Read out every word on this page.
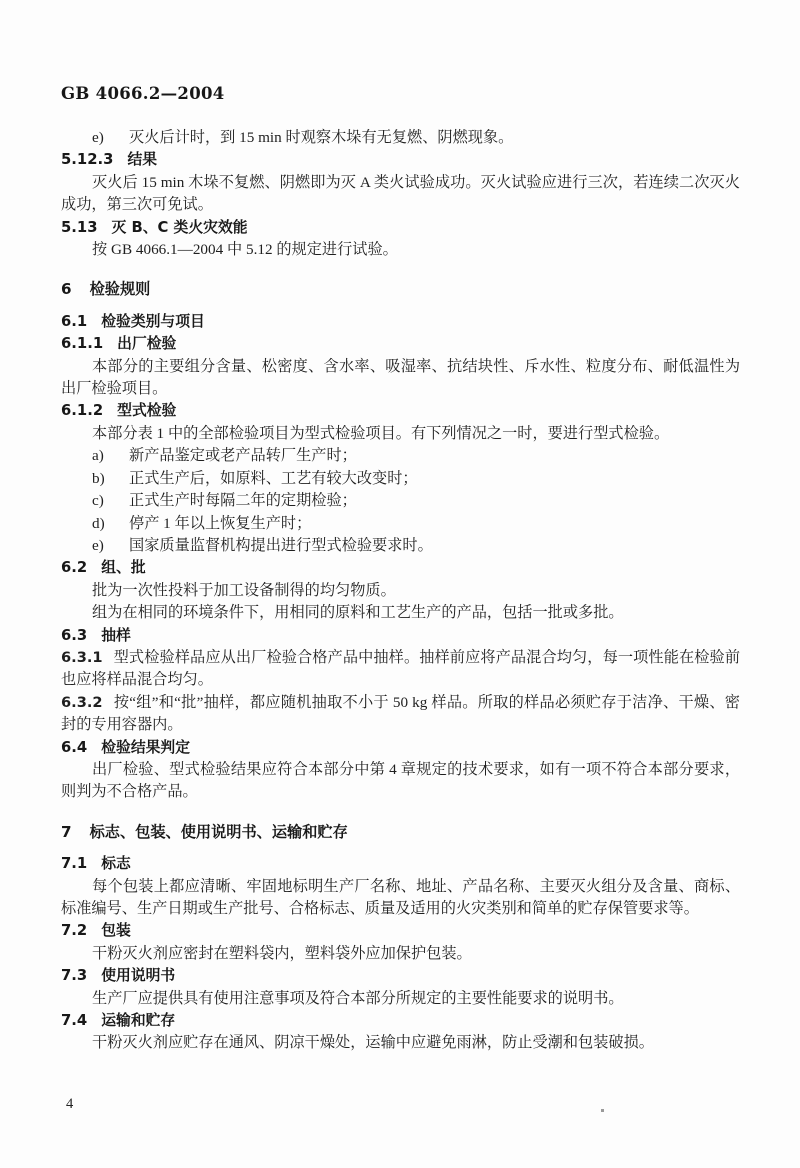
GB 4066.2—2004
e) 灭火后计时，到 15 min 时观察木垛有无复燃、阴燃现象。
5.12.3 结果

灭火后 15 min 木垛不复燃、阴燃即为灭 A 类火试验成功。灭火试验应进行三次，若连续二次灭火成功，第三次可免试。

5.13 灭 B、C 类火灾效能

按 GB 4066.1—2004 中 5.12 的规定进行试验。

6 检验规则
6.1 检验类别与项目
6.1.1 出厂检验

本部分的主要组分含量、松密度、含水率、吸湿率、抗结块性、斥水性、粒度分布、耐低温性为出厂检验项目。

6.1.2 型式检验

本部分表 1 中的全部检验项目为型式检验项目。有下列情况之一时，要进行型式检验。

a) 新产品鉴定或老产品转厂生产时；
b) 正式生产后，如原料、工艺有较大改变时；
c) 正式生产时每隔二年的定期检验；
d) 停产 1 年以上恢复生产时；
e) 国家质量监督机构提出进行型式检验要求时。
6.2 组、批

批为一次性投料于加工设备制得的均匀物质。

组为在相同的环境条件下，用相同的原料和工艺生产的产品，包括一批或多批。

6.3 抽样

6.3.1 型式检验样品应从出厂检验合格产品中抽样。抽样前应将产品混合均匀，每一项性能在检验前也应将样品混合均匀。

6.3.2 按“组”和“批”抽样，都应随机抽取不小于 50 kg 样品。所取的样品必须贮存于洁净、干燥、密封的专用容器内。

6.4 检验结果判定

出厂检验、型式检验结果应符合本部分中第 4 章规定的技术要求，如有一项不符合本部分要求，则判为不合格产品。

7 标志、包装、使用说明书、运输和贮存
7.1 标志

每个包装上都应清晰、牢固地标明生产厂名称、地址、产品名称、主要灭火组分及含量、商标、标准编号、生产日期或生产批号、合格标志、质量及适用的火灾类别和简单的贮存保管要求等。

7.2 包装

干粉灭火剂应密封在塑料袋内，塑料袋外应加保护包装。

7.3 使用说明书

生产厂应提供具有使用注意事项及符合本部分所规定的主要性能要求的说明书。

7.4 运输和贮存

干粉灭火剂应贮存在通风、阴凉干燥处，运输中应避免雨淋，防止受潮和包装破损。

4
